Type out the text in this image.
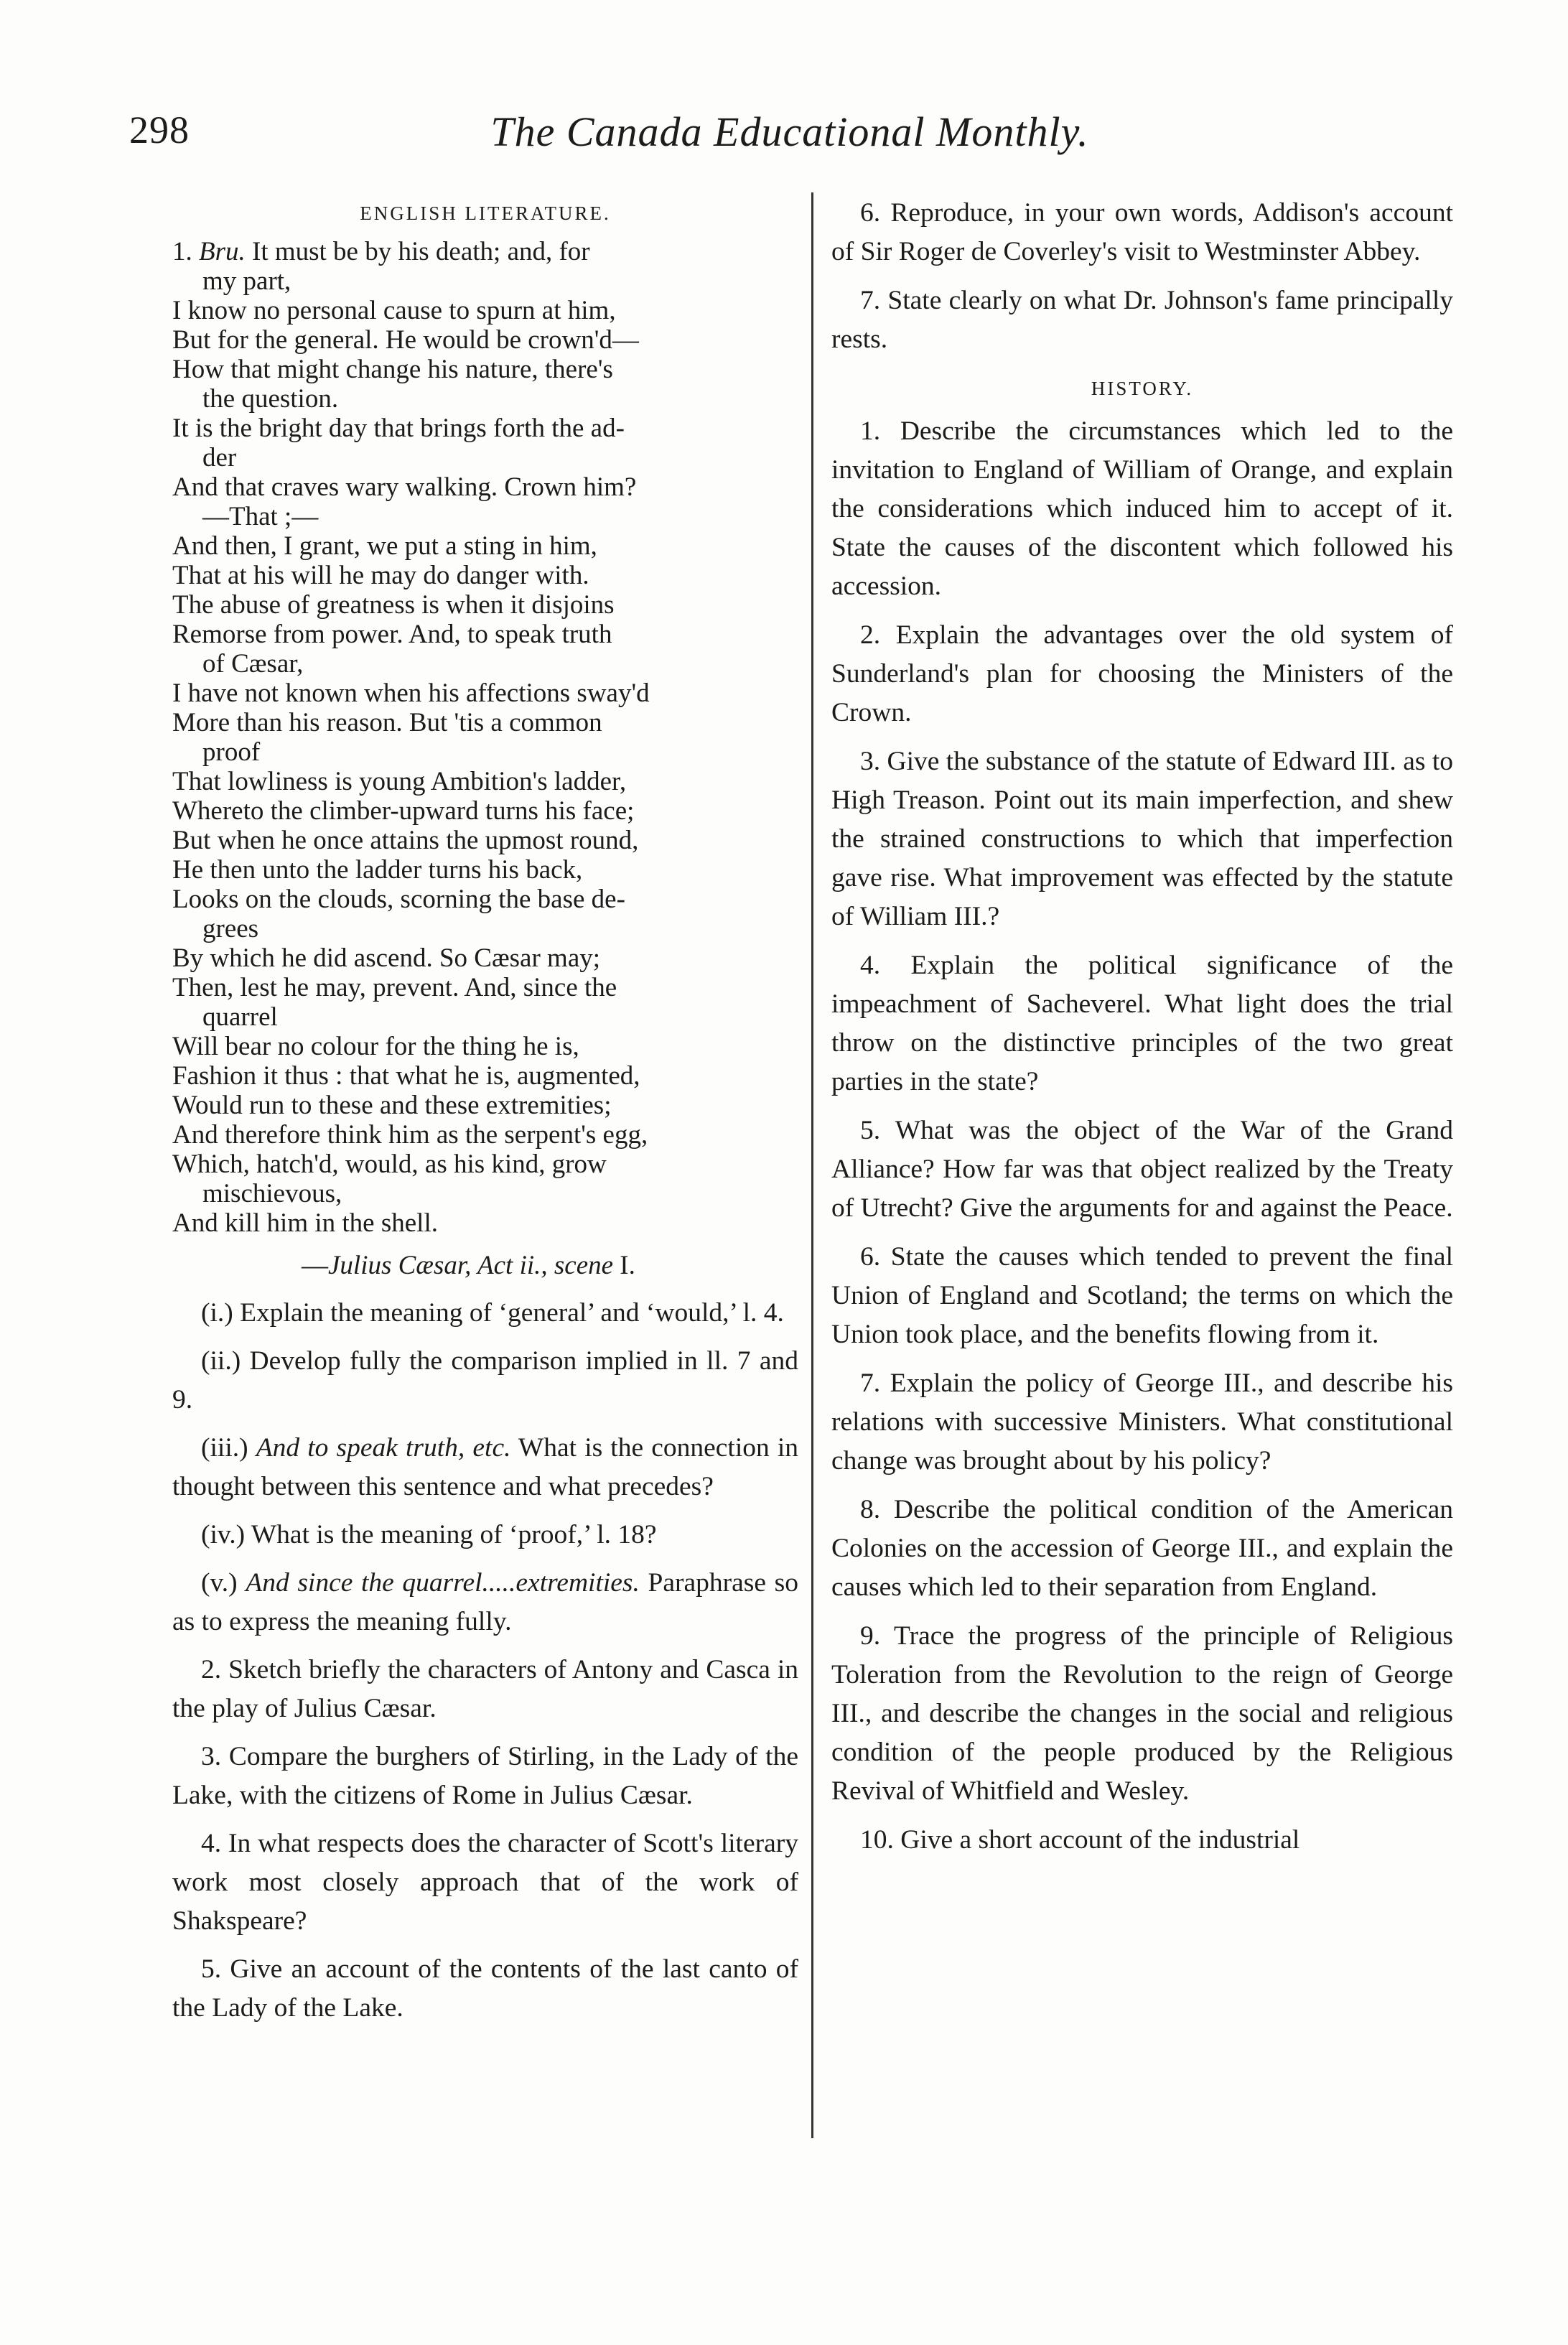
298	The Canada Educational Monthly.
ENGLISH LITERATURE.
1. Bru. It must be by his death; and, for
my part,
I know no personal cause to spurn at him,
But for the general. He would be crown'd—
How that might change his nature, there's
the question.
It is the bright day that brings forth the ad-
der
And that craves wary walking. Crown him?
—That ;—
And then, I grant, we put a sting in him,
That at his will he may do danger with.
The abuse of greatness is when it disjoins
Remorse from power. And, to speak truth
of Cæsar,
I have not known when his affections sway'd
More than his reason. But 'tis a common
proof
That lowliness is young Ambition's ladder,
Whereto the climber-upward turns his face;
But when he once attains the upmost round,
He then unto the ladder turns his back,
Looks on the clouds, scorning the base de-
grees
By which he did ascend. So Cæsar may;
Then, lest he may, prevent. And, since the
quarrel
Will bear no colour for the thing he is,
Fashion it thus : that what he is, augmented,
Would run to these and these extremities;
And therefore think him as the serpent's egg,
Which, hatch'd, would, as his kind, grow
mischievous,
And kill him in the shell.
—Julius Cæsar, Act ii., scene I.

(i.) Explain the meaning of ‘general’ and ‘would,’ l. 4.

(ii.) Develop fully the comparison implied in ll. 7 and 9.

(iii.) And to speak truth, etc. What is the connection in thought between this sentence and what precedes?

(iv.) What is the meaning of ‘proof,’ l. 18?

(v.) And since the quarrel.....extremities. Paraphrase so as to express the meaning fully.

2. Sketch briefly the characters of Antony and Casca in the play of Julius Cæsar.

3. Compare the burghers of Stirling, in the Lady of the Lake, with the citizens of Rome in Julius Cæsar.

4. In what respects does the character of Scott's literary work most closely approach that of the work of Shakspeare?

5. Give an account of the contents of the last canto of the Lady of the Lake.

6. Reproduce, in your own words, Addison's account of Sir Roger de Coverley's visit to Westminster Abbey.

7. State clearly on what Dr. Johnson's fame principally rests.

HISTORY.

1. Describe the circumstances which led to the invitation to England of William of Orange, and explain the considerations which induced him to accept of it. State the causes of the discontent which followed his accession.

2. Explain the advantages over the old system of Sunderland's plan for choosing the Ministers of the Crown.

3. Give the substance of the statute of Edward III. as to High Treason. Point out its main imperfection, and shew the strained constructions to which that imperfection gave rise. What improvement was effected by the statute of William III.?

4. Explain the political significance of the impeachment of Sacheverel. What light does the trial throw on the distinctive principles of the two great parties in the state?

5. What was the object of the War of the Grand Alliance? How far was that object realized by the Treaty of Utrecht? Give the arguments for and against the Peace.

6. State the causes which tended to prevent the final Union of England and Scotland; the terms on which the Union took place, and the benefits flowing from it.

7. Explain the policy of George III., and describe his relations with successive Ministers. What constitutional change was brought about by his policy?

8. Describe the political condition of the American Colonies on the accession of George III., and explain the causes which led to their separation from England.

9. Trace the progress of the principle of Religious Toleration from the Revolution to the reign of George III., and describe the changes in the social and religious condition of the people produced by the Religious Revival of Whitfield and Wesley.

10. Give a short account of the industrial
